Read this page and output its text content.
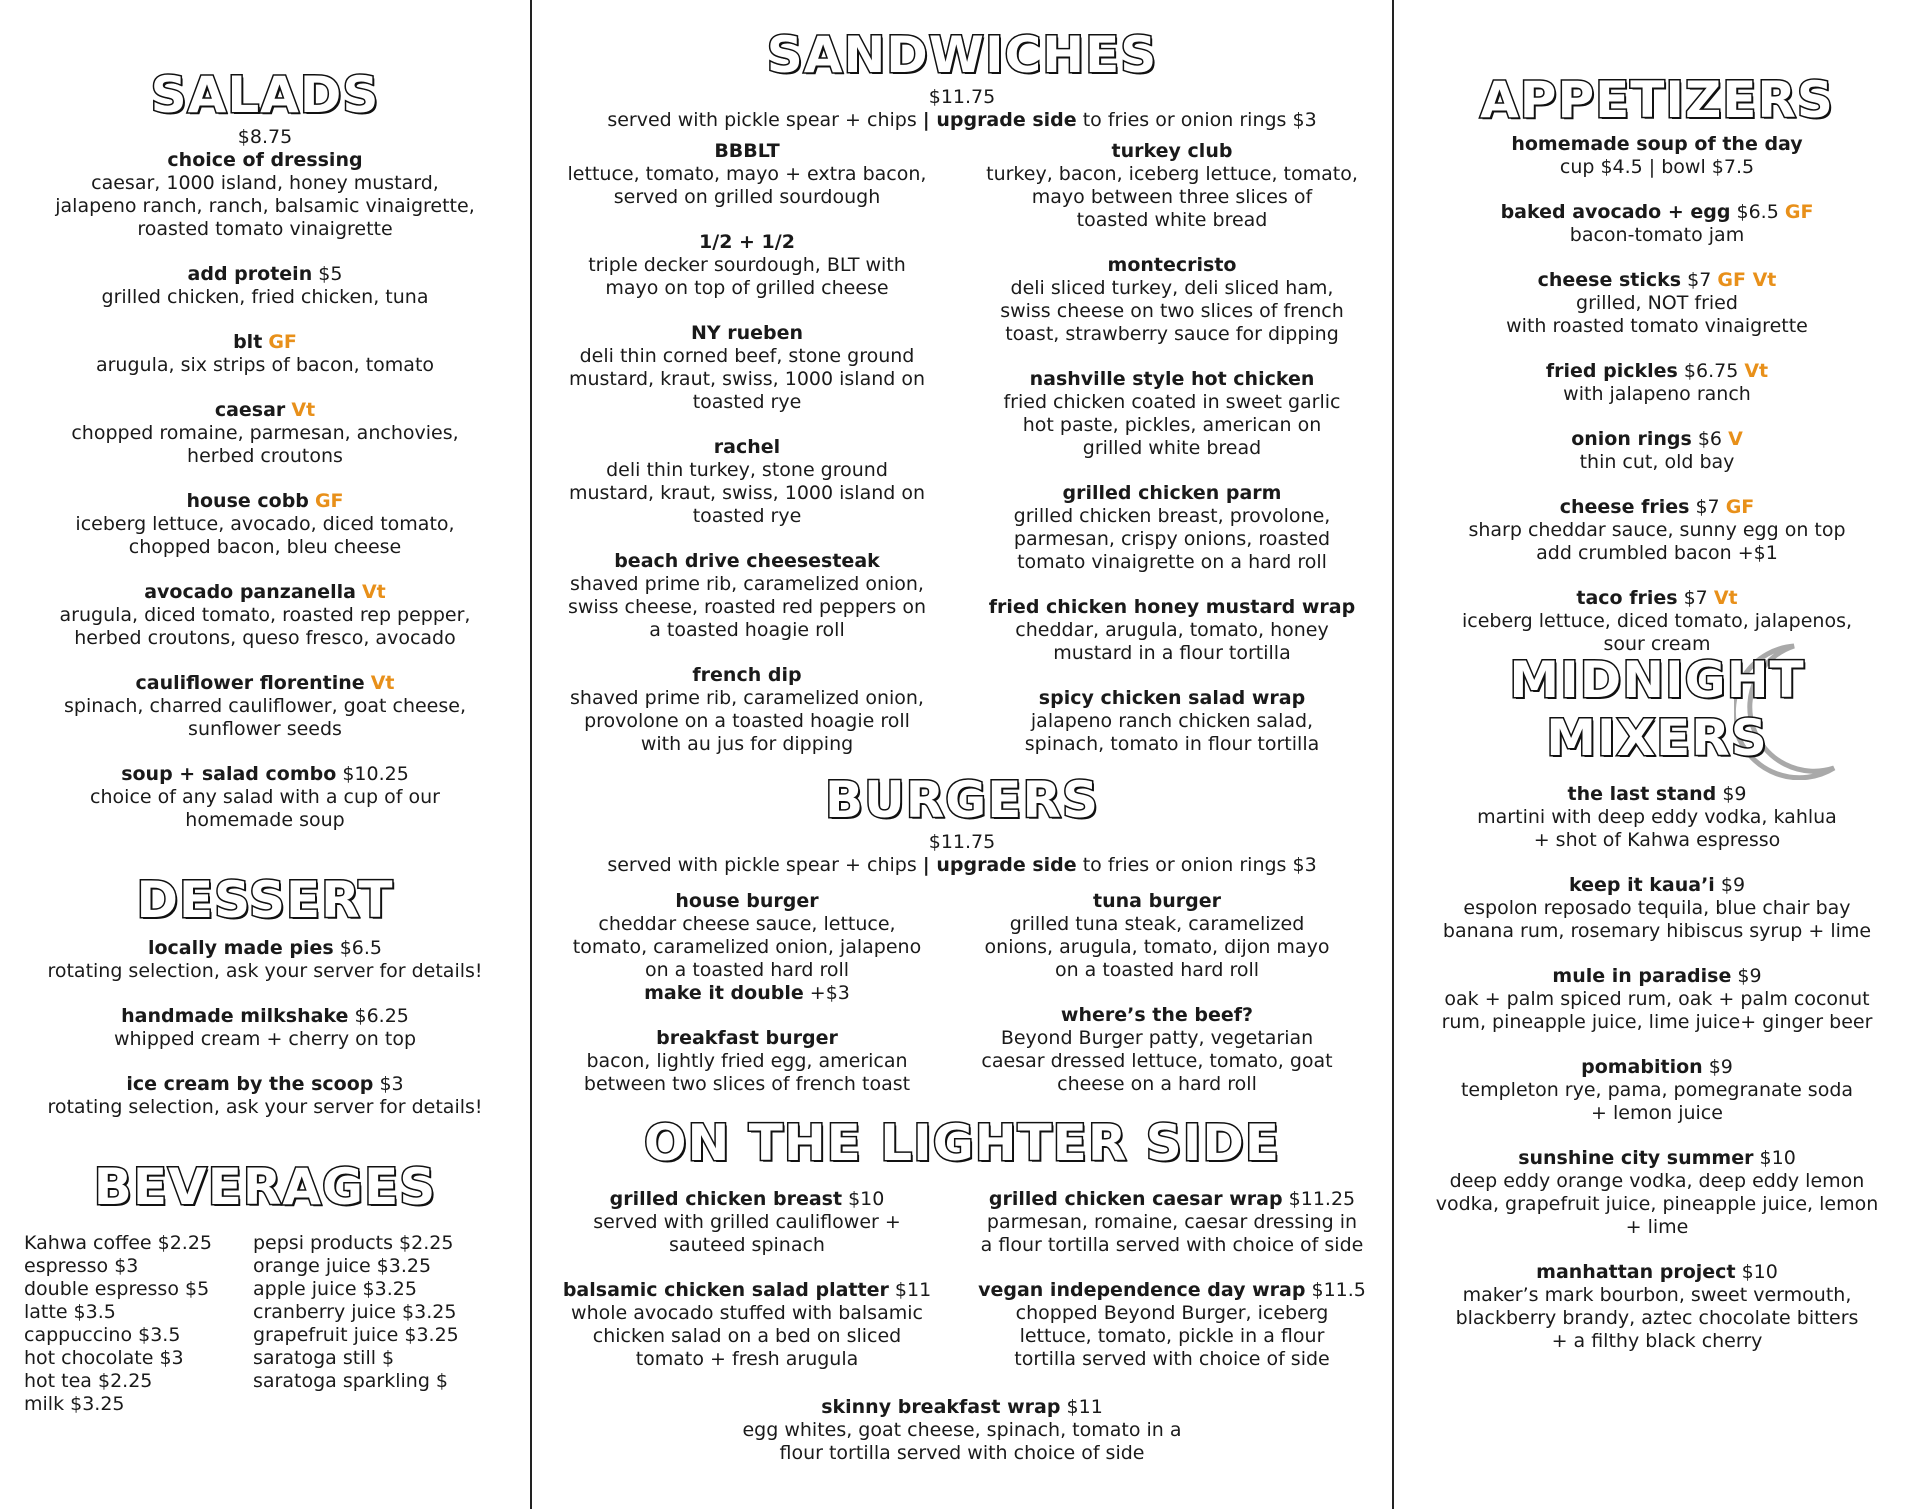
SALADS
$8.75
choice of dressing
caesar, 1000 island, honey mustard,
jalapeno ranch, ranch, balsamic vinaigrette,
roasted tomato vinaigrette
add protein $5
grilled chicken, fried chicken, tuna
blt GF
arugula, six strips of bacon, tomato
caesar Vt
chopped romaine, parmesan, anchovies,
herbed croutons
house cobb GF
iceberg lettuce, avocado, diced tomato,
chopped bacon, bleu cheese
avocado panzanella Vt
arugula, diced tomato, roasted rep pepper,
herbed croutons, queso fresco, avocado
cauliflower florentine Vt
spinach, charred cauliflower, goat cheese,
sunflower seeds
soup + salad combo $10.25
choice of any salad with a cup of our
homemade soup
DESSERT
locally made pies $6.5
rotating selection, ask your server for details!
handmade milkshake $6.25
whipped cream + cherry on top
ice cream by the scoop $3
rotating selection, ask your server for details!
BEVERAGES
Kahwa coffee $2.25
espresso $3
double espresso $5
latte $3.5
cappuccino $3.5
hot chocolate $3
hot tea $2.25
milk $3.25
pepsi products $2.25
orange juice $3.25
apple juice $3.25
cranberry juice $3.25
grapefruit juice $3.25
saratoga still $
saratoga sparkling $
SANDWICHES
$11.75
served with pickle spear + chips | upgrade side to fries or onion rings $3
BBBLT
lettuce, tomato, mayo + extra bacon,
served on grilled sourdough
1/2 + 1/2
triple decker sourdough, BLT with
mayo on top of grilled cheese
NY rueben
deli thin corned beef, stone ground
mustard, kraut, swiss, 1000 island on
toasted rye
rachel
deli thin turkey, stone ground
mustard, kraut, swiss, 1000 island on
toasted rye
beach drive cheesesteak
shaved prime rib, caramelized onion,
swiss cheese, roasted red peppers on
a toasted hoagie roll
french dip
shaved prime rib, caramelized onion,
provolone on a toasted hoagie roll
with au jus for dipping
turkey club
turkey, bacon, iceberg lettuce, tomato,
mayo between three slices of
toasted white bread
montecristo
deli sliced turkey, deli sliced ham,
swiss cheese on two slices of french
toast, strawberry sauce for dipping
nashville style hot chicken
fried chicken coated in sweet garlic
hot paste, pickles, american on
grilled white bread
grilled chicken parm
grilled chicken breast, provolone,
parmesan, crispy onions, roasted
tomato vinaigrette on a hard roll
fried chicken honey mustard wrap
cheddar, arugula, tomato, honey
mustard in a flour tortilla
spicy chicken salad wrap
jalapeno ranch chicken salad,
spinach, tomato in flour tortilla
BURGERS
$11.75
served with pickle spear + chips | upgrade side to fries or onion rings $3
house burger
cheddar cheese sauce, lettuce,
tomato, caramelized onion, jalapeno
on a toasted hard roll
make it double +$3
breakfast burger
bacon, lightly fried egg, american
between two slices of french toast
tuna burger
grilled tuna steak, caramelized
onions, arugula, tomato, dijon mayo
on a toasted hard roll
where’s the beef?
Beyond Burger patty, vegetarian
caesar dressed lettuce, tomato, goat
cheese on a hard roll
ON THE LIGHTER SIDE
grilled chicken breast $10
served with grilled cauliflower +
sauteed spinach
balsamic chicken salad platter $11
whole avocado stuffed with balsamic
chicken salad on a bed on sliced
tomato + fresh arugula
grilled chicken caesar wrap $11.25
parmesan, romaine, caesar dressing in
a flour tortilla served with choice of side
vegan independence day wrap $11.5
chopped Beyond Burger, iceberg
lettuce, tomato, pickle in a flour
tortilla served with choice of side
skinny breakfast wrap $11
egg whites, goat cheese, spinach, tomato in a
flour tortilla served with choice of side
APPETIZERS
homemade soup of the day
cup $4.5 | bowl $7.5
baked avocado + egg $6.5 GF
bacon-tomato jam
cheese sticks $7 GF Vt
grilled, NOT fried
with roasted tomato vinaigrette
fried pickles $6.75 Vt
with jalapeno ranch
onion rings $6 V
thin cut, old bay
cheese fries $7 GF
sharp cheddar sauce, sunny egg on top
add crumbled bacon +$1
taco fries $7 Vt
iceberg lettuce, diced tomato, jalapenos,
sour cream
MIDNIGHT
MIXERS
the last stand $9
martini with deep eddy vodka, kahlua
+ shot of Kahwa espresso
keep it kaua’i $9
espolon reposado tequila, blue chair bay
banana rum, rosemary hibiscus syrup + lime
mule in paradise $9
oak + palm spiced rum, oak + palm coconut
rum, pineapple juice, lime juice+ ginger beer
pomabition $9
templeton rye, pama, pomegranate soda
+ lemon juice
sunshine city summer $10
deep eddy orange vodka, deep eddy lemon
vodka, grapefruit juice, pineapple juice, lemon
+ lime
manhattan project $10
maker’s mark bourbon, sweet vermouth,
blackberry brandy, aztec chocolate bitters
+ a filthy black cherry
